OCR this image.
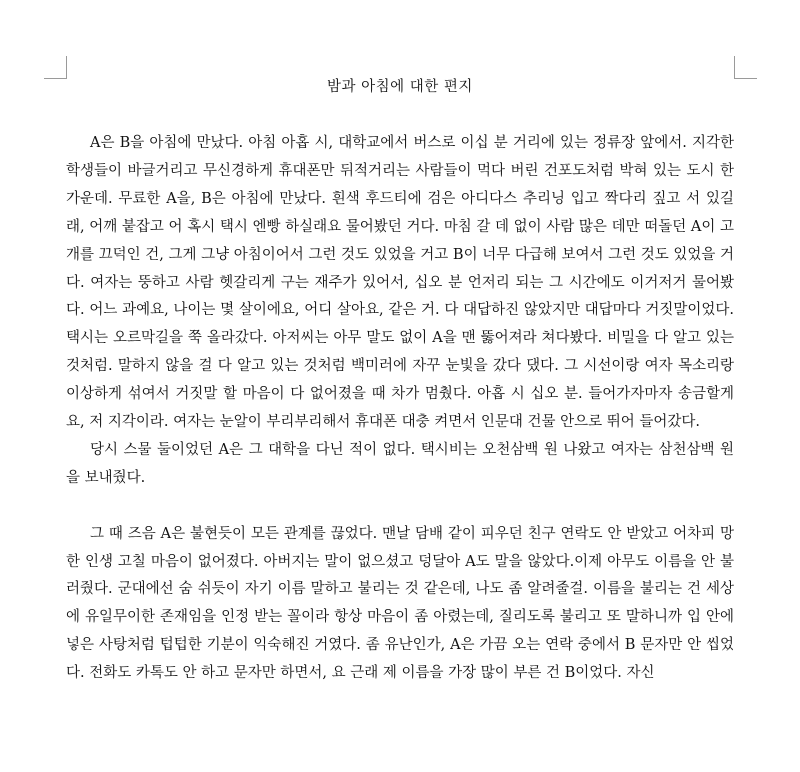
밤과 아침에 대한 편지

A은 B을 아침에 만났다. 아침 아홉 시, 대학교에서 버스로 이십 분 거리에 있는 정류장 앞에서. 지각한 학생들이 바글거리고 무신경하게 휴대폰만 뒤적거리는 사람들이 먹다 버린 건포도처럼 박혀 있는 도시 한가운데. 무료한 A을, B은 아침에 만났다. 흰색 후드티에 검은 아디다스 추리닝 입고 짝다리 짚고 서 있길래, 어깨 붙잡고 어 혹시 택시 엔빵 하실래요 물어봤던 거다. 마침 갈 데 없이 사람 많은 데만 떠돌던 A이 고개를 끄덕인 건, 그게 그냥 아침이어서 그런 것도 있었을 거고 B이 너무 다급해 보여서 그런 것도 있었을 거다. 여자는 뚱하고 사람 헷갈리게 구는 재주가 있어서, 십오 분 언저리 되는 그 시간에도 이거저거 물어봤다. 어느 과예요, 나이는 몇 살이에요, 어디 살아요, 같은 거. 다 대답하진 않았지만 대답마다 거짓말이었다. 택시는 오르막길을 쭉 올라갔다. 아저씨는 아무 말도 없이 A을 맨 뚫어져라 쳐다봤다. 비밀을 다 알고 있는 것처럼. 말하지 않을 걸 다 알고 있는 것처럼 백미러에 자꾸 눈빛을 갔다 댔다. 그 시선이랑 여자 목소리랑 이상하게 섞여서 거짓말 할 마음이 다 없어졌을 때 차가 멈췄다. 아홉 시 십오 분. 들어가자마자 송금할게요, 저 지각이라. 여자는 눈알이 부리부리해서 휴대폰 대충 켜면서 인문대 건물 안으로 뛰어 들어갔다.

당시 스물 둘이었던 A은 그 대학을 다닌 적이 없다. 택시비는 오천삼백 원 나왔고 여자는 삼천삼백 원을 보내줬다.

그 때 즈음 A은 불현듯이 모든 관계를 끊었다. 맨날 담배 같이 피우던 친구 연락도 안 받았고 어차피 망한 인생 고칠 마음이 없어졌다. 아버지는 말이 없으셨고 덩달아 A도 말을 않았다.이제 아무도 이름을 안 불러줬다. 군대에선 숨 쉬듯이 자기 이름 말하고 불리는 것 같은데, 나도 좀 알려줄걸. 이름을 불리는 건 세상에 유일무이한 존재임을 인정 받는 꼴이라 항상 마음이 좀 아렸는데, 질리도록 불리고 또 말하니까 입 안에 넣은 사탕처럼 텁텁한 기분이 익숙해진 거였다. 좀 유난인가, A은 가끔 오는 연락 중에서 B 문자만 안 씹었다. 전화도 카톡도 안 하고 문자만 하면서, 요 근래 제 이름을 가장 많이 부른 건 B이었다. 자신
